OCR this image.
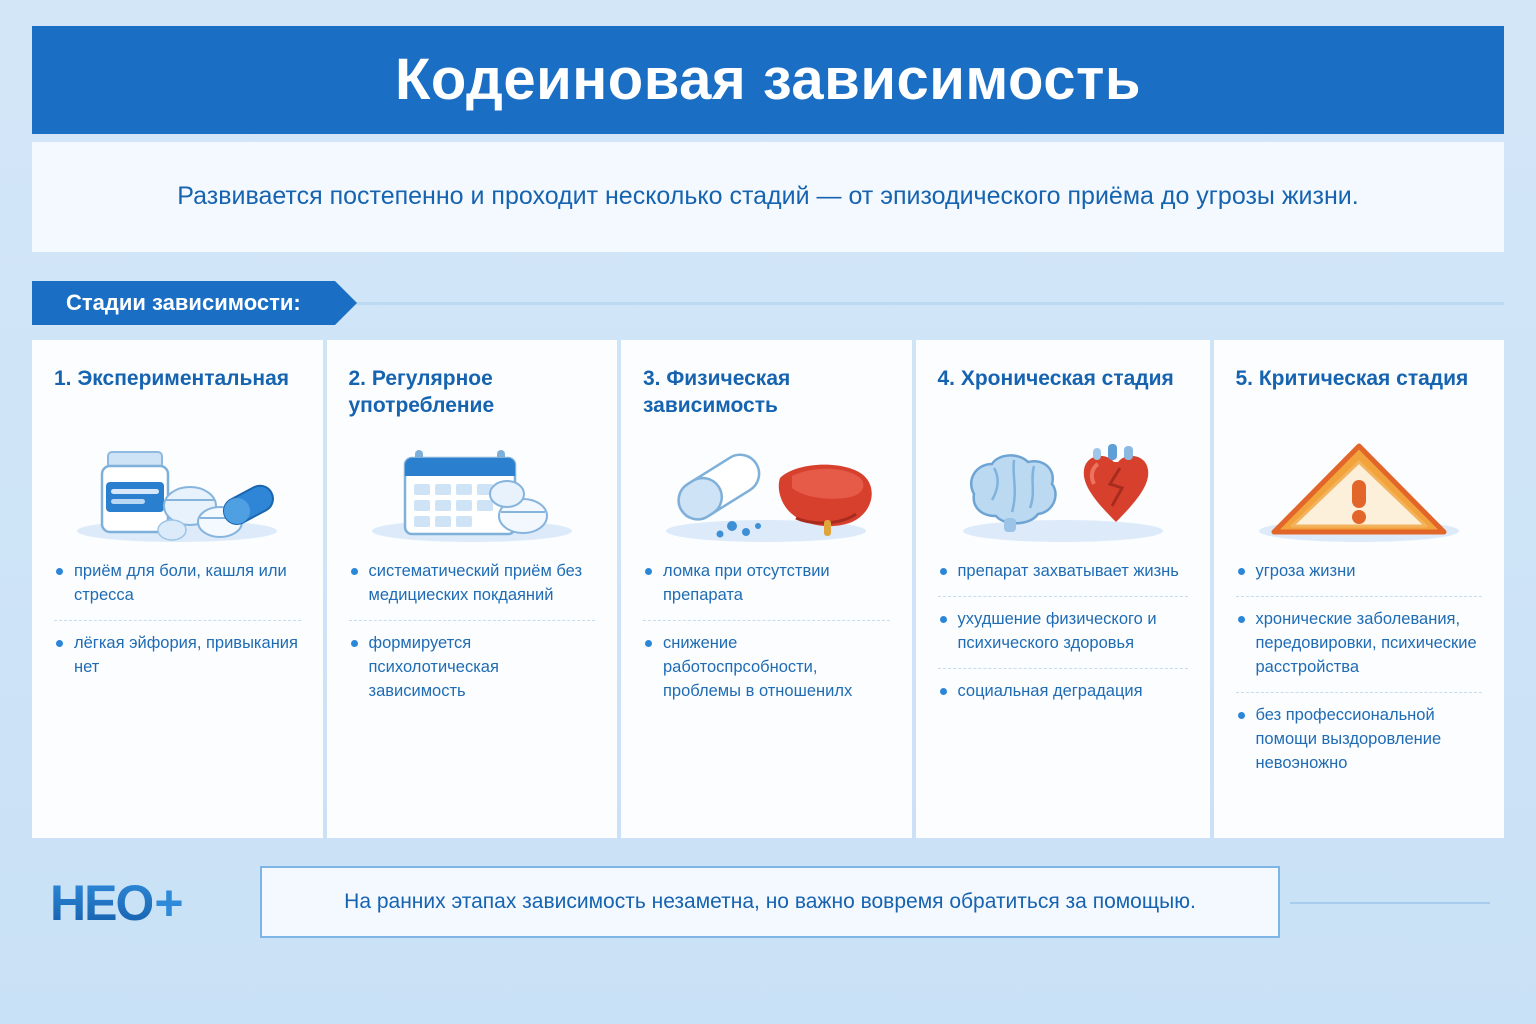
Кодеиновая зависимость
Развивается постепенно и проходит несколько стадий — от эпизодического приёма до угрозы жизни.
Стадии зависимости:
1. Экспериментальная
приём для боли, кашля или стресса
лёгкая эйфория, привыкания нет
2. Регулярное употребление
систематический приём без медициеских покдаяний
формируется психолотическая зависимость
3. Физическая зависимость
ломка при отсутствии препарата
снижение работоспрсобности, проблемы в отношенилх
4. Хроническая стадия
препарат захватывает жизнь
ухудшение физического и психического здоровья
социальная деградация
5. Критическая стадия
угроза жизни
хронические заболевания, передовировки, психические расстройства
без профессиональной помощи выздоровление невоэножно
HEO +	На ранних этапах зависимость незаметна, но важно вовремя обратиться за помощыю.
